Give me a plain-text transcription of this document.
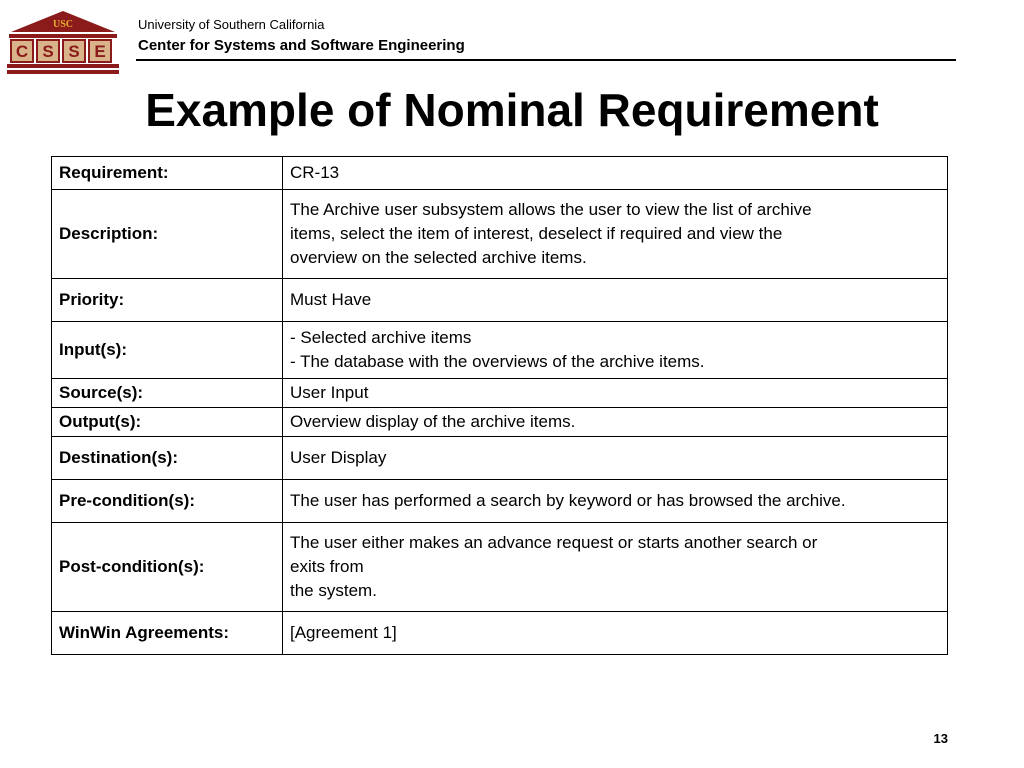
USC
C S S E
University of Southern California
Center for Systems and Software Engineering
Example of Nominal Requirement
Requirement:	CR-13
Description:	The Archive user subsystem allows the user to view the list of archive
items, select the item of interest, deselect if required and view the
overview on the selected archive items.
Priority:	Must Have
Input(s):	- Selected archive items
- The database with the overviews of the archive items.
Source(s):	User Input
Output(s):	Overview display of the archive items.
Destination(s):	User Display
Pre-condition(s):	The user has performed a search by keyword or has browsed the archive.
Post-condition(s):	The user either makes an advance request or starts another search or
exits from
the system.
WinWin Agreements:	[Agreement 1]
13
